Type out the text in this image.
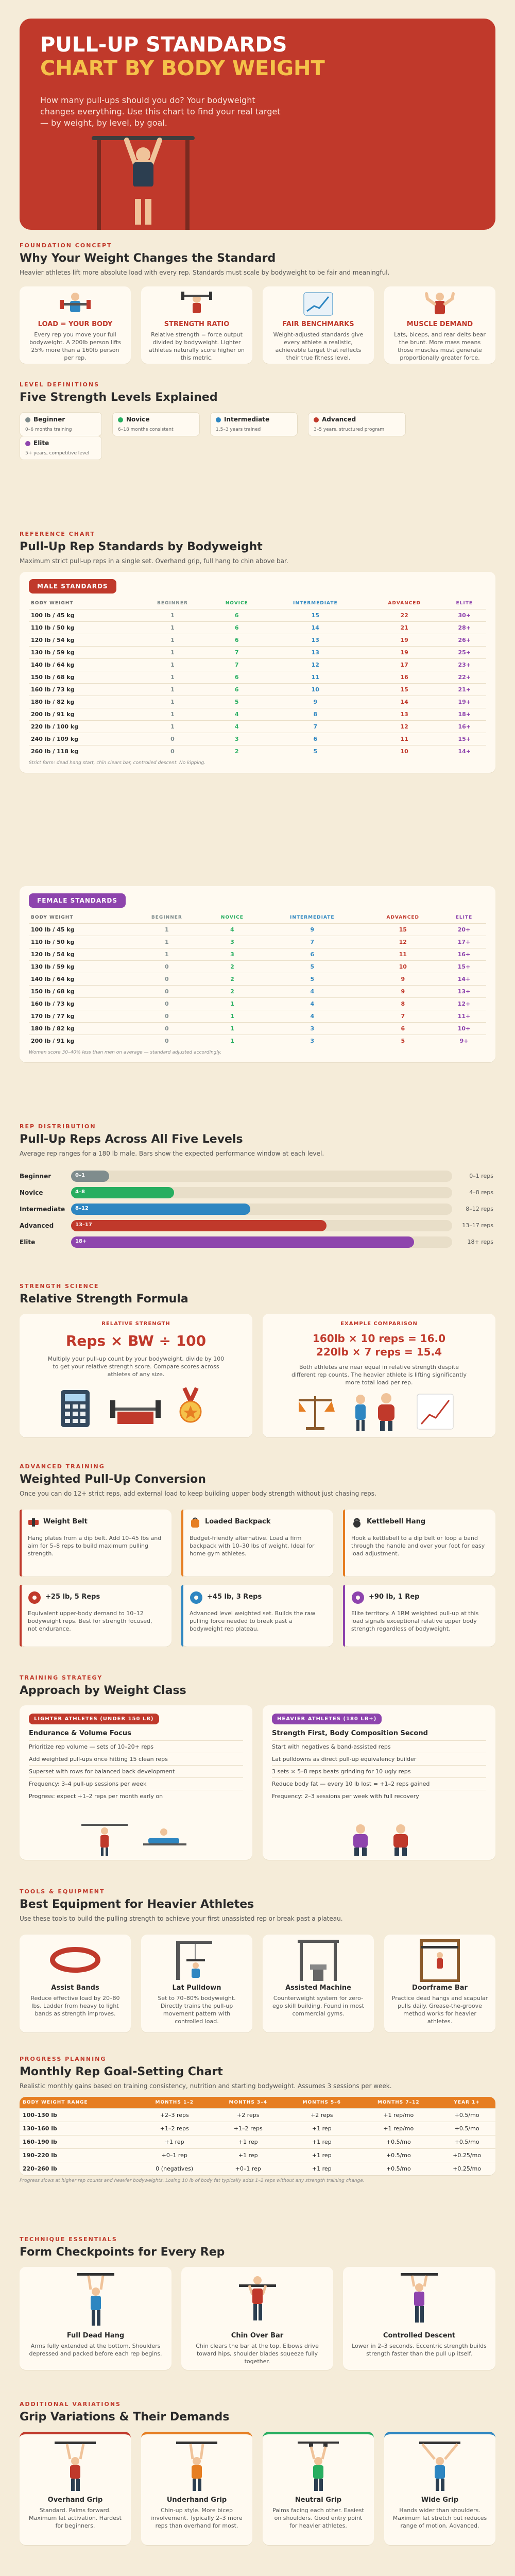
PULL-UP STANDARDS
CHART BY BODY WEIGHT

How many pull-ups should you do? Your bodyweight changes everything. Use this chart to find your real target — by weight, by level, by goal.

FOUNDATION CONCEPT
Why Your Weight Changes the Standard
Heavier athletes lift more absolute load with every rep. Standards must scale by bodyweight to be fair and meaningful.
LOAD = YOUR BODY
Every rep you move your full bodyweight. A 200lb person lifts 25% more than a 160lb person per rep.
STRENGTH RATIO
Relative strength = force output divided by bodyweight. Lighter athletes naturally score higher on this metric.
FAIR BENCHMARKS
Weight-adjusted standards give every athlete a realistic, achievable target that reflects their true fitness level.
MUSCLE DEMAND
Lats, biceps, and rear delts bear the brunt. More mass means those muscles must generate proportionally greater force.
LEVEL DEFINITIONS
Five Strength Levels Explained
Beginner
0–6 months training
Novice
6–18 months consistent
Intermediate
1.5–3 years trained
Advanced
3–5 years, structured program
Elite
5+ years, competitive level
REFERENCE CHART
Pull-Up Rep Standards by Bodyweight
Maximum strict pull-up reps in a single set. Overhand grip, full hang to chin above bar.
MALE STANDARDS
BODY WEIGHT	BEGINNER	NOVICE	INTERMEDIATE	ADVANCED	ELITE
100 lb / 45 kg	1	6	15	22	30+
110 lb / 50 kg	1	6	14	21	28+
120 lb / 54 kg	1	6	13	19	26+
130 lb / 59 kg	1	7	13	19	25+
140 lb / 64 kg	1	7	12	17	23+
150 lb / 68 kg	1	6	11	16	22+
160 lb / 73 kg	1	6	10	15	21+
180 lb / 82 kg	1	5	9	14	19+
200 lb / 91 kg	1	4	8	13	18+
220 lb / 100 kg	1	4	7	12	16+
240 lb / 109 kg	0	3	6	11	15+
260 lb / 118 kg	0	2	5	10	14+
Strict form: dead hang start, chin clears bar, controlled descent. No kipping.
FEMALE STANDARDS
BODY WEIGHT	BEGINNER	NOVICE	INTERMEDIATE	ADVANCED	ELITE
100 lb / 45 kg	1	4	9	15	20+
110 lb / 50 kg	1	3	7	12	17+
120 lb / 54 kg	1	3	6	11	16+
130 lb / 59 kg	0	2	5	10	15+
140 lb / 64 kg	0	2	5	9	14+
150 lb / 68 kg	0	2	4	9	13+
160 lb / 73 kg	0	1	4	8	12+
170 lb / 77 kg	0	1	4	7	11+
180 lb / 82 kg	0	1	3	6	10+
200 lb / 91 kg	0	1	3	5	9+
Women score 30–40% less than men on average — standard adjusted accordingly.
REP DISTRIBUTION
Pull-Up Reps Across All Five Levels
Average rep ranges for a 180 lb male. Bars show the expected performance window at each level.
Beginner	0–1	0–1 reps
Novice	4–8	4–8 reps
Intermediate	8–12	8–12 reps
Advanced	13–17	13–17 reps
Elite	18+	18+ reps
STRENGTH SCIENCE
Relative Strength Formula
RELATIVE STRENGTH
Reps × BW ÷ 100
Multiply your pull-up count by your bodyweight, divide by 100 to get your relative strength score. Compare scores across athletes of any size.
EXAMPLE COMPARISON
160lb × 10 reps = 16.0
220lb × 7 reps = 15.4
Both athletes are near equal in relative strength despite different rep counts. The heavier athlete is lifting significantly more total load per rep.
ADVANCED TRAINING
Weighted Pull-Up Conversion
Once you can do 12+ strict reps, add external load to keep building upper body strength without just chasing reps.
Weight Belt
Hang plates from a dip belt. Add 10–45 lbs and aim for 5–8 reps to build maximum pulling strength.
Loaded Backpack
Budget-friendly alternative. Load a firm backpack with 10–30 lbs of weight. Ideal for home gym athletes.
Kettlebell Hang
Hook a kettlebell to a dip belt or loop a band through the handle and over your foot for easy load adjustment.
+25 lb, 5 Reps
Equivalent upper-body demand to 10–12 bodyweight reps. Best for strength focused, not endurance.
+45 lb, 3 Reps
Advanced level weighted set. Builds the raw pulling force needed to break past a bodyweight rep plateau.
+90 lb, 1 Rep
Elite territory. A 1RM weighted pull-up at this load signals exceptional relative upper body strength regardless of bodyweight.
TRAINING STRATEGY
Approach by Weight Class
LIGHTER ATHLETES (UNDER 150 LB)
Endurance & Volume Focus
Prioritize rep volume — sets of 10–20+ reps
Add weighted pull-ups once hitting 15 clean reps
Superset with rows for balanced back development
Frequency: 3–4 pull-up sessions per week
Progress: expect +1–2 reps per month early on
HEAVIER ATHLETES (180 LB+)
Strength First, Body Composition Second
Start with negatives & band-assisted reps
Lat pulldowns as direct pull-up equivalency builder
3 sets × 5–8 reps beats grinding for 10 ugly reps
Reduce body fat — every 10 lb lost = +1–2 reps gained
Frequency: 2–3 sessions per week with full recovery
TOOLS & EQUIPMENT
Best Equipment for Heavier Athletes
Use these tools to build the pulling strength to achieve your first unassisted rep or break past a plateau.
Assist Bands
Reduce effective load by 20–80 lbs. Ladder from heavy to light bands as strength improves.
Lat Pulldown
Set to 70–80% bodyweight. Directly trains the pull-up movement pattern with controlled load.
Assisted Machine
Counterweight system for zero-ego skill building. Found in most commercial gyms.
Doorframe Bar
Practice dead hangs and scapular pulls daily. Grease-the-groove method works for heavier athletes.
PROGRESS PLANNING
Monthly Rep Goal-Setting Chart
Realistic monthly gains based on training consistency, nutrition and starting bodyweight. Assumes 3 sessions per week.
BODY WEIGHT RANGE	MONTHS 1–2	MONTHS 3–4	MONTHS 5–6	MONTHS 7–12	YEAR 1+
100–130 lb	+2–3 reps	+2 reps	+2 reps	+1 rep/mo	+0.5/mo
130–160 lb	+1–2 reps	+1–2 reps	+1 rep	+1 rep/mo	+0.5/mo
160–190 lb	+1 rep	+1 rep	+1 rep	+0.5/mo	+0.5/mo
190–220 lb	+0–1 rep	+1 rep	+1 rep	+0.5/mo	+0.25/mo
220–260 lb	0 (negatives)	+0–1 rep	+1 rep	+0.5/mo	+0.25/mo
Progress slows at higher rep counts and heavier bodyweights. Losing 10 lb of body fat typically adds 1–2 reps without any strength training change.
TECHNIQUE ESSENTIALS
Form Checkpoints for Every Rep
Full Dead Hang
Arms fully extended at the bottom. Shoulders depressed and packed before each rep begins.
Chin Over Bar
Chin clears the bar at the top. Elbows drive toward hips, shoulder blades squeeze fully together.
Controlled Descent
Lower in 2–3 seconds. Eccentric strength builds strength faster than the pull up itself.
ADDITIONAL VARIATIONS
Grip Variations & Their Demands
Overhand Grip
Standard. Palms forward. Maximum lat activation. Hardest for beginners.
Underhand Grip
Chin-up style. More bicep involvement. Typically 2–3 more reps than overhand for most.
Neutral Grip
Palms facing each other. Easiest on shoulders. Good entry point for heavier athletes.
Wide Grip
Hands wider than shoulders. Maximum lat stretch but reduces range of motion. Advanced.
